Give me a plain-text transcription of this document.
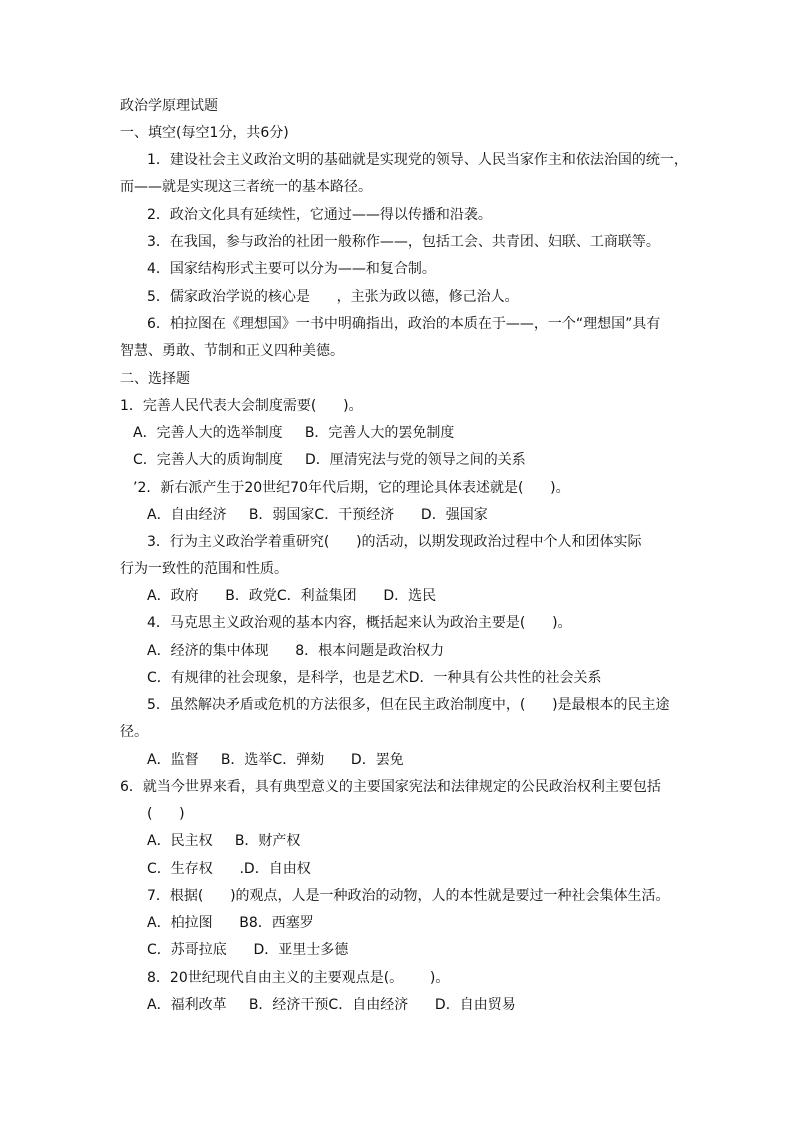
政治学原理试题
一、填空(每空1分，共6分)
1．建设社会主义政治文明的基础就是实现党的领导、人民当家作主和依法治国的统一，
而——就是实现这三者统一的基本路径。
2．政治文化具有延续性，它通过——得以传播和沿袭。
3．在我国，参与政治的社团一般称作——，包括工会、共青团、妇联、工商联等。
4．国家结构形式主要可以分为——和复合制。
5．儒家政治学说的核心是      ，主张为政以德，修己治人。
6．柏拉图在《理想国》一书中明确指出，政治的本质在于——，一个“理想国”具有
智慧、勇敢、节制和正义四种美德。
二、选择题
1．完善人民代表大会制度需要(      )。
A．完善人大的选举制度     B．完善人大的罢免制度
C．完善人大的质询制度     D．厘清宪法与党的领导之间的关系
’2．新右派产生于20世纪70年代后期，它的理论具体表述就是(      )。
A．自由经济     B．弱国家C．干预经济      D．强国家
3．行为主义政治学着重研究(      )的活动，以期发现政治过程中个人和团体实际
行为一致性的范围和性质。
A．政府      B．政党C．利益集团      D．选民
4．马克思主义政治观的基本内容，概括起来认为政治主要是(      )。
A．经济的集中体现      8．根本问题是政治权力
C．有规律的社会现象，是科学，也是艺术D．一种具有公共性的社会关系
5．虽然解决矛盾或危机的方法很多，但在民主政治制度中，(      )是最根本的民主途
径。
A．监督     B．选举C．弹劾      D．罢免
6．就当今世界来看，具有典型意义的主要国家宪法和法律规定的公民政治权利主要包括
(      )
A．民主权     B．财产权
C．生存权      .D．自由权
7．根据(      )的观点，人是一种政治的动物，人的本性就是要过一种社会集体生活。
A．柏拉图      B8．西塞罗
C．苏哥拉底      D．亚里士多德
8．20世纪现代自由主义的主要观点是(。      )。
A．福利改革     B．经济干预C．自由经济      D．自由贸易
